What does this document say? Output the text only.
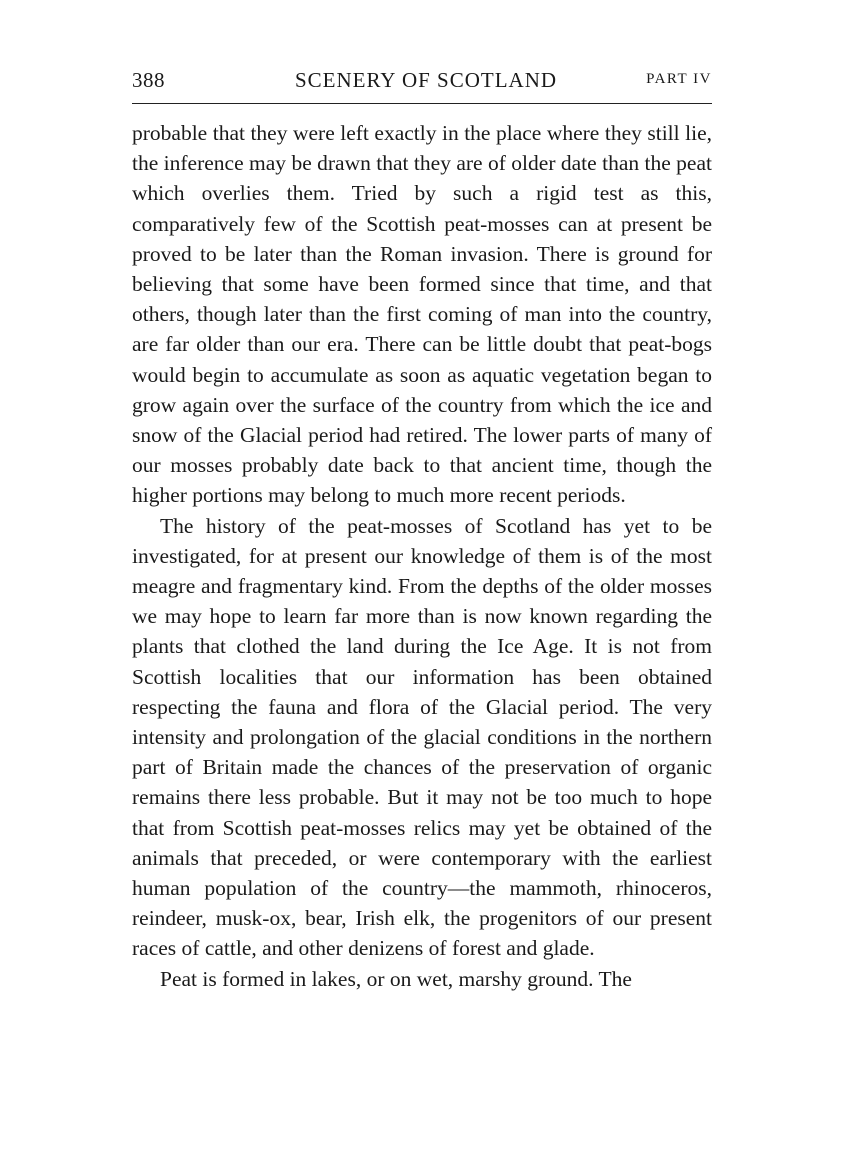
388	SCENERY OF SCOTLAND	PART IV

probable that they were left exactly in the place where they still lie, the inference may be drawn that they are of older date than the peat which overlies them. Tried by such a rigid test as this, comparatively few of the Scottish peat-mosses can at present be proved to be later than the Roman invasion. There is ground for believing that some have been formed since that time, and that others, though later than the first coming of man into the country, are far older than our era. There can be little doubt that peat-bogs would begin to accumulate as soon as aquatic vegetation began to grow again over the surface of the country from which the ice and snow of the Glacial period had retired. The lower parts of many of our mosses probably date back to that ancient time, though the higher portions may belong to much more recent periods.

The history of the peat-mosses of Scotland has yet to be investigated, for at present our knowledge of them is of the most meagre and fragmentary kind. From the depths of the older mosses we may hope to learn far more than is now known regarding the plants that clothed the land during the Ice Age. It is not from Scottish localities that our information has been obtained respecting the fauna and flora of the Glacial period. The very intensity and prolongation of the glacial conditions in the northern part of Britain made the chances of the preservation of organic remains there less probable. But it may not be too much to hope that from Scottish peat-mosses relics may yet be obtained of the animals that preceded, or were contemporary with the earliest human population of the country—the mammoth, rhinoceros, reindeer, musk-ox, bear, Irish elk, the progenitors of our present races of cattle, and other denizens of forest and glade.

Peat is formed in lakes, or on wet, marshy ground. The
